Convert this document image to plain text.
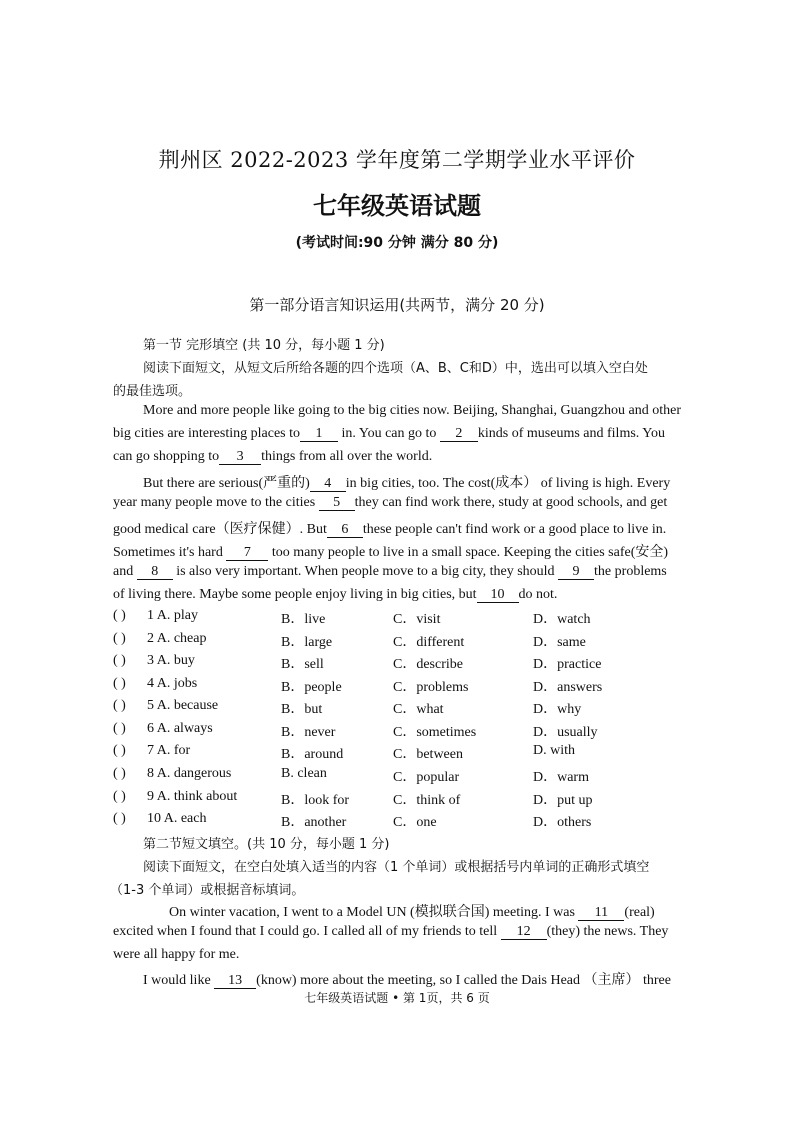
荆州区 2022-2023 学年度第二学期学业水平评价
七年级英语试题
(考试时间:90 分钟 满分 80 分)
第一部分语言知识运用(共两节，满分 20 分)
第一节 完形填空 (共 10 分，每小题 1 分)
阅读下面短文，从短文后所给各题的四个选项（A、B、C和D）中，选出可以填入空白处
的最佳选项。
More and more people like going to the big cities now. Beijing, Shanghai, Guangzhou and other
big cities are interesting places to 1 in. You can go to 2 kinds of museums and films. You
can go shopping to 3 things from all over the world.
But there are serious(严重的) 4 in big cities, too. The cost(成本） of living is high. Every
year many people move to the cities 5 they can find work there, study at good schools, and get
good medical care（医疗保健）. But 6 these people can't find work or a good place to live in.
Sometimes it's hard 7 too many people to live in a small space. Keeping the cities safe(安全)
and 8 is also very important. When people move to a big city, they should 9 the problems
of living there. Maybe some people enjoy living in big cities, but 10 do not.
( ) 1 A. play	B．live	C．visit	D．watch
( ) 2 A. cheap	B．large	C．different	D．same
( ) 3 A. buy	B．sell	C．describe	D．practice
( ) 4 A. jobs	B．people	C．problems	D．answers
( ) 5 A. because	B．but	C．what	D．why
( ) 6 A. always	B．never	C．sometimes	D．usually
( ) 7 A. for	B．around	C．between	D. with
( ) 8 A. dangerous	B. clean	C．popular	D．warm
( ) 9 A. think about	B．look for	C．think of	D．put up
( ) 10 A. each	B．another	C．one	D．others
第二节短文填空。(共 10 分，每小题 1 分)
阅读下面短文，在空白处填入适当的内容（1 个单词）或根据括号内单词的正确形式填空
（1-3 个单词）或根据音标填词。
On winter vacation, I went to a Model UN (模拟联合国) meeting. I was 11 (real)
excited when I found that I could go. I called all of my friends to tell 12 (they) the news. They
were all happy for me.
I would like 13 (know) more about the meeting, so I called the Dais Head （主席） three
七年级英语试题 • 第 1页，共 6 页
